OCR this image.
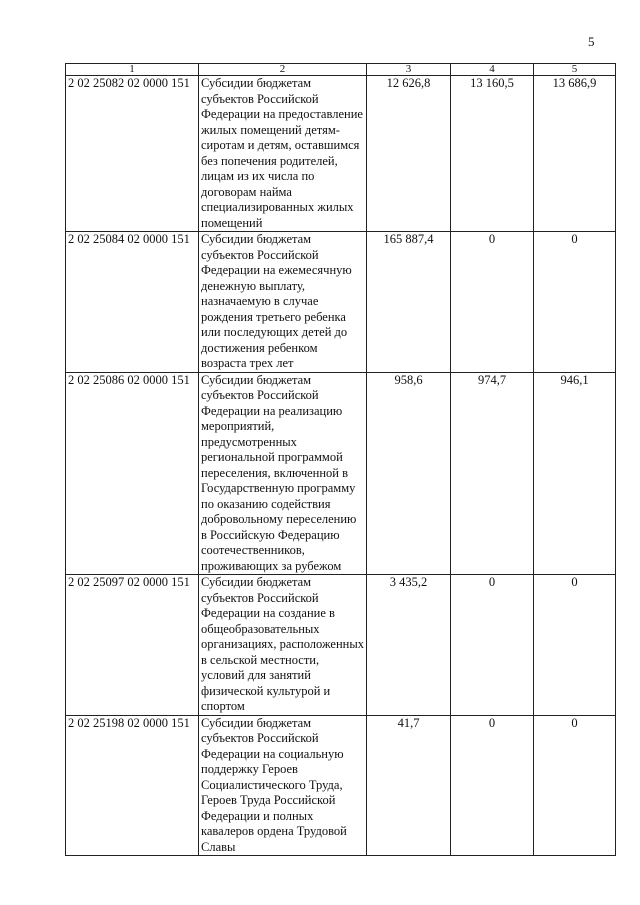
5
1	2	3	4	5
2 02 25082 02 0000 151	Субсидии бюджетам субъектов Российской Федерации на предоставление жилых помещений детям-сиротам и детям, оставшимся без попечения родителей, лицам из их числа по договорам найма специализированных жилых помещений	12 626,8	13 160,5	13 686,9
2 02 25084 02 0000 151	Субсидии бюджетам субъектов Российской Федерации на ежемесячную денежную выплату, назначаемую в случае рождения третьего ребенка или последующих детей до достижения ребенком возраста трех лет	165 887,4	0	0
2 02 25086 02 0000 151	Субсидии бюджетам субъектов Российской Федерации на реализацию мероприятий, предусмотренных региональной программой переселения, включенной в Государственную программу по оказанию содействия добровольному переселению в Российскую Федерацию соотечественников, проживающих за рубежом	958,6	974,7	946,1
2 02 25097 02 0000 151	Субсидии бюджетам субъектов Российской Федерации на создание в общеобразовательных организациях, расположенных в сельской местности, условий для занятий физической культурой и спортом	3 435,2	0	0
2 02 25198 02 0000 151	Субсидии бюджетам субъектов Российской Федерации на социальную поддержку Героев Социалистического Труда, Героев Труда Российской Федерации и полных кавалеров ордена Трудовой Славы	41,7	0	0
